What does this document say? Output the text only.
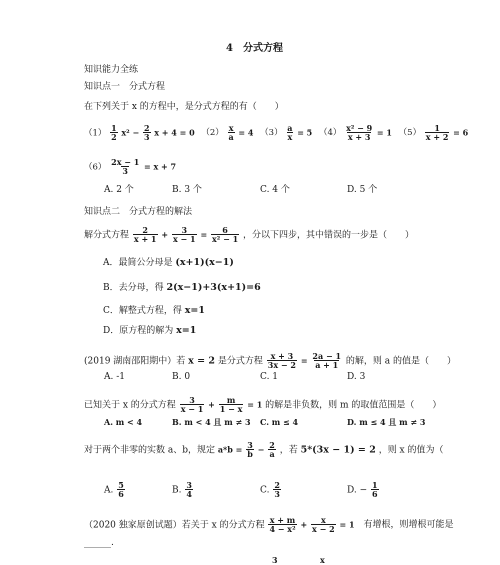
4　分式方程
知识能力全练
知识点一　分式方程
在下列关于 x 的方程中，是分式方程的有（　　）
$(1) \frac{1}{2} x^2 - \frac{2}{3}$ x + 4 = 0 $(2) \frac{x}{a} = 4$ $(3) \frac{a}{x} = 5$ $(4) \frac{\text{x² − 9}}{x + 3} = 1$ $(5) \frac{1}{x + 2} = 6$
$(6) \frac{2x - 1}{3} = x + 7$
A. 2 个	B. 3 个	C. 4 个	D. 5 个
知识点二　分式方程的解法
解分式方程 $\frac{2}{x + 1} + \frac{3}{x - 1} = \frac{6}{\text{x² − 1}}$ ，分以下四步，其中错误的一步是（　　）
A．最简公分母是 (x+1)(x−1)
B．去分母，得 2(x−1)+3(x+1)=6
C．解整式方程，得 x=1
D．原方程的解为 x=1
(2019 湖南邵阳期中）若 x = 2 是分式方程 $\frac{x + 3}{3x - 2} = \frac{2a - 1}{a + 1}$ 的解，则 a 的值是（　　）
A. -1	B. 0	C. 1	D. 3
已知关于 x 的分式方程 $\frac{3}{x - 1} + \frac{m}{1 - x} = 1$ 的解是非负数，则 m 的取值范围是（　　）
A. m < 4	B. m < 4 且 m ≠ 3 C. m ≤ 4	D. m ≤ 4 且 m ≠ 3
对于两个非零的实数 a、b，规定 $a*b = \frac{3}{b} - \frac{2}{a}$ ，若 5*(3x − 1) = 2 ，则 x 的值为（
A. $\frac{5}{6}$	B. $\frac{3}{4}$	C. $\frac{2}{3}$	D. − $\frac{1}{6}$
（2020 独家原创试题）若关于 x 的分式方程 $\frac{x + m}{\text{4 − x²}} + \frac{x}{x - 2} = 1$ 有增根，则增根可能是
______.
3	x
